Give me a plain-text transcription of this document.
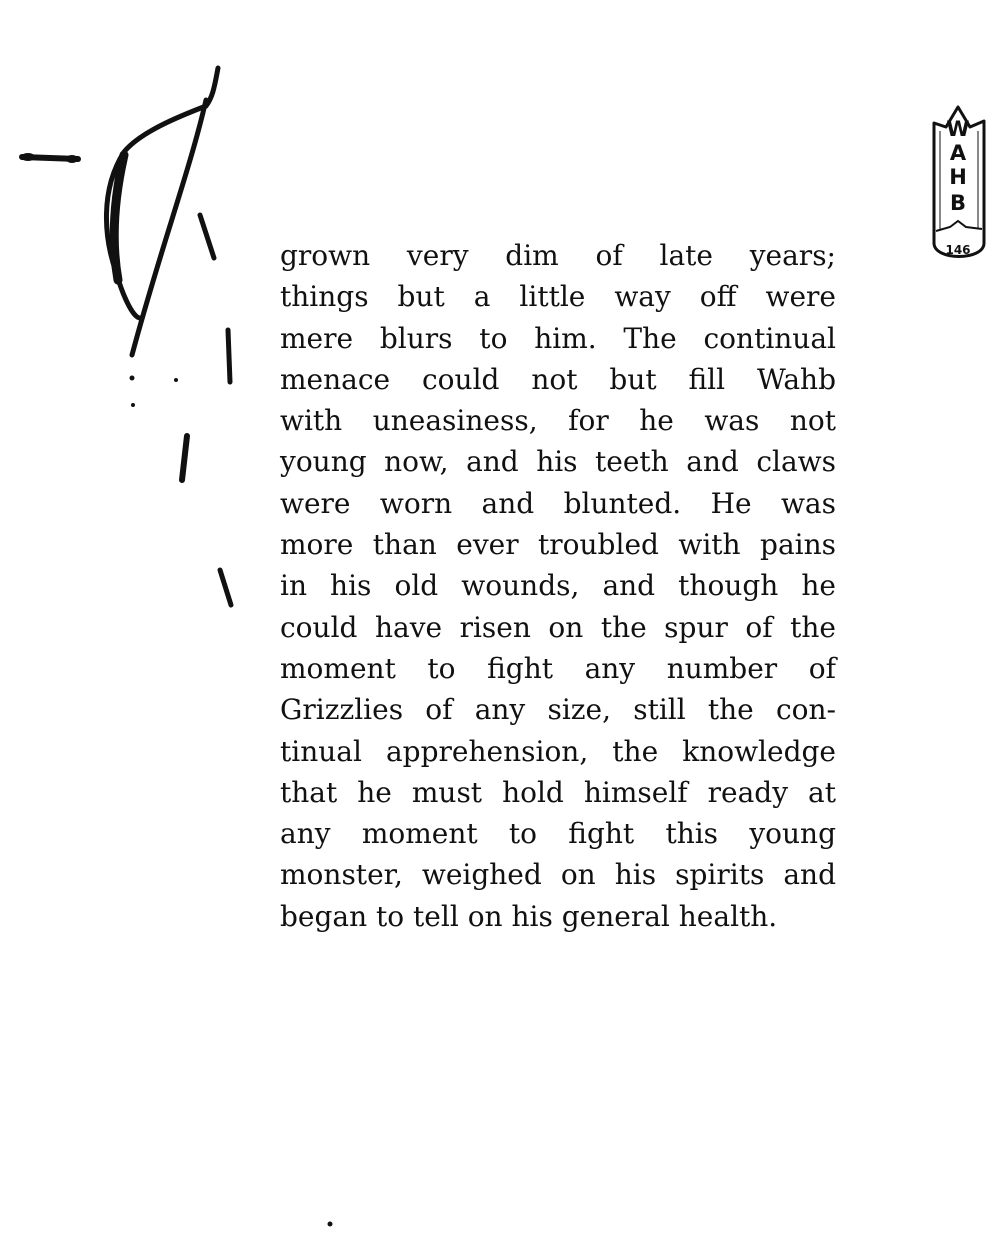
grown very dim of late years;
things but a little way off were
mere blurs to him. The continual
menace could not but fill Wahb
with uneasiness, for he was not
young now, and his teeth and claws
were worn and blunted. He was
more than ever troubled with pains
in his old wounds, and though he
could have risen on the spur of the
moment to fight any number of
Grizzlies of any size, still the con-
tinual apprehension, the knowledge
that he must hold himself ready at
any moment to fight this young
monster, weighed on his spirits and
began to tell on his general health.
W
A
H
B
146
